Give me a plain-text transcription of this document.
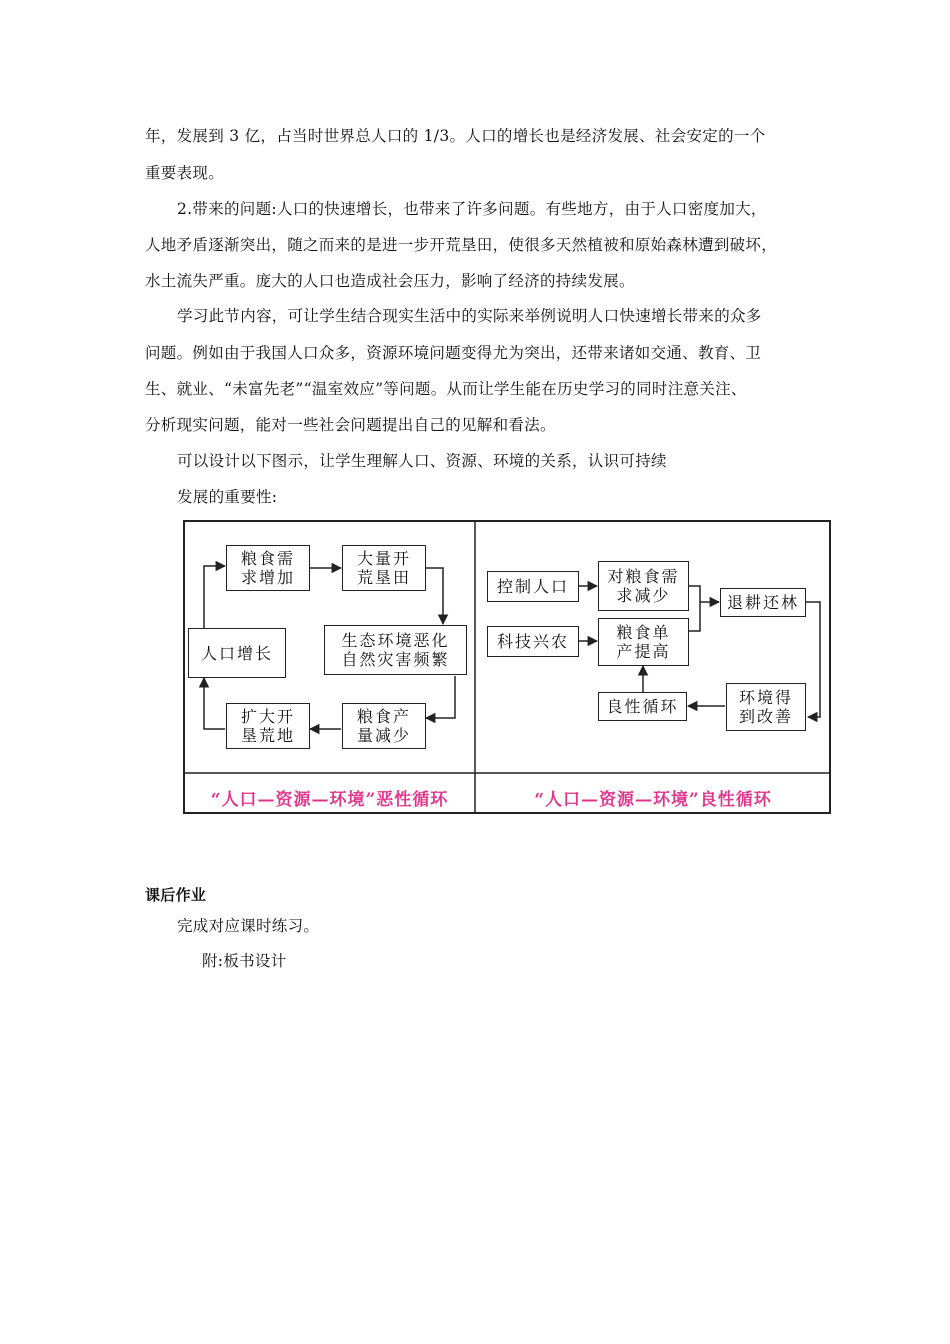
年，发展到 3 亿，占当时世界总人口的 1/3。人口的增长也是经济发展、社会安定的一个
重要表现。
2.带来的问题:人口的快速增长，也带来了许多问题。有些地方，由于人口密度加大，
人地矛盾逐渐突出，随之而来的是进一步开荒垦田，使很多天然植被和原始森林遭到破坏，
水土流失严重。庞大的人口也造成社会压力，影响了经济的持续发展。
学习此节内容，可让学生结合现实生活中的实际来举例说明人口快速增长带来的众多
问题。例如由于我国人口众多，资源环境问题变得尤为突出，还带来诸如交通、教育、卫
生、就业、“未富先老”“温室效应”等问题。从而让学生能在历史学习的同时注意关注、
分析现实问题，能对一些社会问题提出自己的见解和看法。
可以设计以下图示，让学生理解人口、资源、环境的关系，认识可持续
发展的重要性:
粮食需
求增加
大量开
荒垦田
生态环境恶化
自然灾害频繁
粮食产
量减少
扩大开
垦荒地
人口增长
“人口—资源—环境”恶性循环
控制人口
对粮食需
求减少
科技兴农	粮食单
产提高
退耕还林
环境得
到改善
良性循环
“人口—资源—环境”良性循环
课后作业
完成对应课时练习。
附:板书设计
